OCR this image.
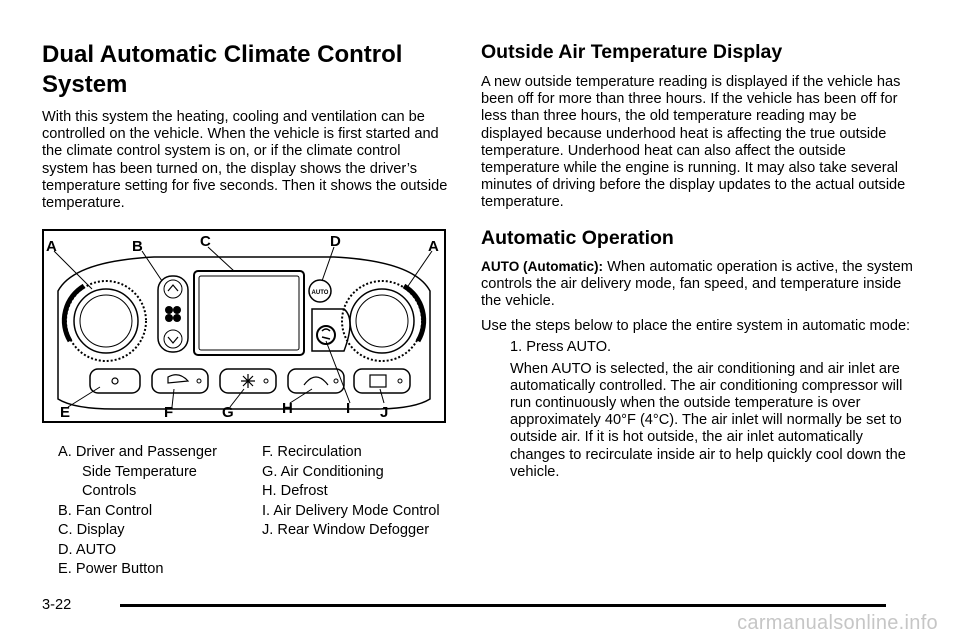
Dual Automatic Climate Control
System

With this system the heating, cooling and ventilation can be controlled on the vehicle. When the vehicle is first started and the climate control system is on, or if the climate control system has been turned on, the display shows the driver’s temperature setting for five seconds. Then it shows the outside temperature.

AUTO
A	B	C	D	A
E	F	G	H	I J
A. Driver and Passenger Side Temperature Controls
B. Fan Control
C. Display
D. AUTO
E. Power Button
F. Recirculation
G. Air Conditioning
H. Defrost
I. Air Delivery Mode Control
J. Rear Window Defogger
Outside Air Temperature Display

A new outside temperature reading is displayed if the vehicle has been off for more than three hours. If the vehicle has been off for less than three hours, the old temperature reading may be displayed because underhood heat is affecting the true outside temperature. Underhood heat can also affect the outside temperature while the engine is running. It may also take several minutes of driving before the display updates to the actual outside temperature.

Automatic Operation

AUTO (Automatic): When automatic operation is active, the system controls the air delivery mode, fan speed, and temperature inside the vehicle.

Use the steps below to place the entire system in automatic mode:

1. Press AUTO.
When AUTO is selected, the air conditioning and air inlet are automatically controlled. The air conditioning compressor will run continuously when the outside temperature is over approximately 40°F (4°C). The air inlet will normally be set to outside air. If it is hot outside, the air inlet automatically changes to recirculate inside air to help quickly cool down the vehicle.
3-22
carmanualsonline.info
